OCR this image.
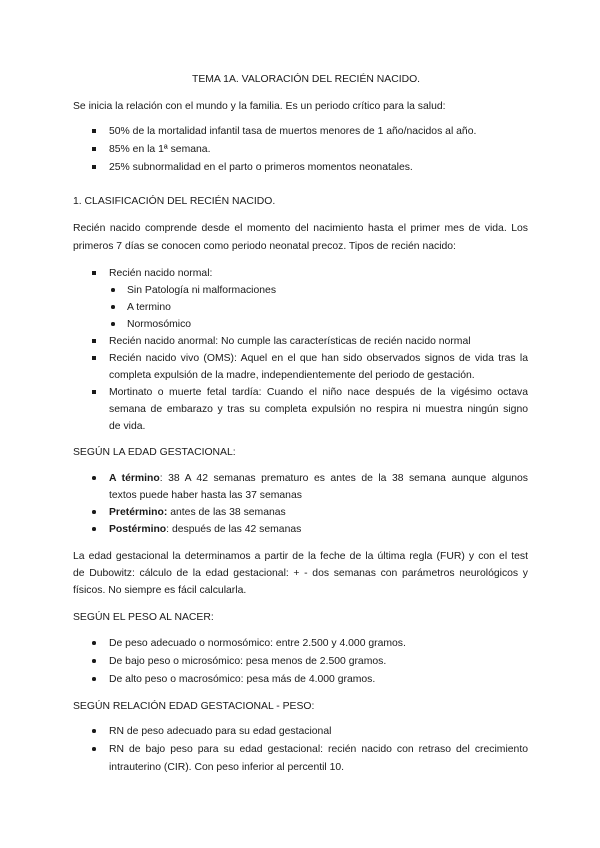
TEMA 1A. VALORACIÓN DEL RECIÉN NACIDO.
Se inicia la relación con el mundo y la familia. Es un periodo crítico para la salud:
50% de la mortalidad infantil tasa de muertos menores de 1 año/nacidos al año.
85% en la 1ª semana.
25% subnormalidad en el parto o primeros momentos neonatales.
1. CLASIFICACIÓN DEL RECIÉN NACIDO.
Recién nacido comprende desde el momento del nacimiento hasta el primer mes de vida. Los
primeros 7 días se conocen como periodo neonatal precoz. Tipos de recién nacido:
Recién nacido normal:
Sin Patología ni malformaciones
A termino
Normosómico
Recién nacido anormal: No cumple las características de recién nacido normal
Recién nacido vivo (OMS): Aquel en el que han sido observados signos de vida tras la
completa expulsión de la madre, independientemente del periodo de gestación.
Mortinato o muerte fetal tardía: Cuando el niño nace después de la vigésimo octava
semana de embarazo y tras su completa expulsión no respira ni muestra ningún signo
de vida.
SEGÚN LA EDAD GESTACIONAL:
A término: 38 A 42 semanas prematuro es antes de la 38 semana aunque algunos
textos puede haber hasta las 37 semanas
Pretérmino: antes de las 38 semanas
Postérmino: después de las 42 semanas
La edad gestacional la determinamos a partir de la feche de la última regla (FUR) y con el test
de Dubowitz: cálculo de la edad gestacional: + - dos semanas con parámetros neurológicos y
físicos. No siempre es fácil calcularla.
SEGÚN EL PESO AL NACER:
De peso adecuado o normosómico: entre 2.500 y 4.000 gramos.
De bajo peso o microsómico: pesa menos de 2.500 gramos.
De alto peso o macrosómico: pesa más de 4.000 gramos.
SEGÚN RELACIÓN EDAD GESTACIONAL - PESO:
RN de peso adecuado para su edad gestacional
RN de bajo peso para su edad gestacional: recién nacido con retraso del crecimiento
intrauterino (CIR). Con peso inferior al percentil 10.
